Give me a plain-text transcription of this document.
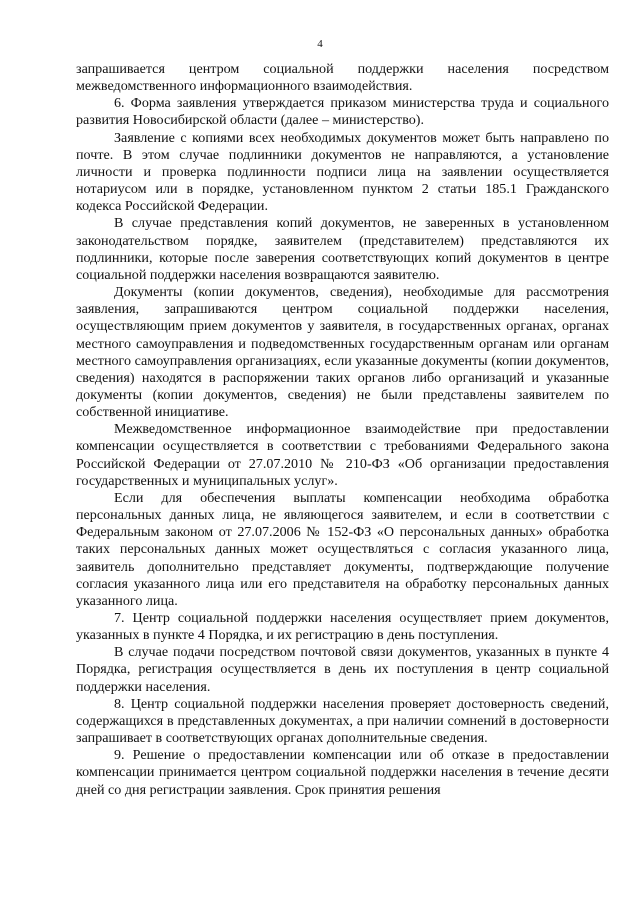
4

запрашивается центром социальной поддержки населения посредством межведомственного информационного взаимодействия.

6. Форма заявления утверждается приказом министерства труда и социального развития Новосибирской области (далее – министерство).

Заявление с копиями всех необходимых документов может быть направлено по почте. В этом случае подлинники документов не направляются, а установление личности и проверка подлинности подписи лица на заявлении осуществляется нотариусом или в порядке, установленном пунктом 2 статьи 185.1 Гражданского кодекса Российской Федерации.

В случае представления копий документов, не заверенных в установленном законодательством порядке, заявителем (представителем) представляются их подлинники, которые после заверения соответствующих копий документов в центре социальной поддержки населения возвращаются заявителю.

Документы (копии документов, сведения), необходимые для рассмотрения заявления, запрашиваются центром социальной поддержки населения, осуществляющим прием документов у заявителя, в государственных органах, органах местного самоуправления и подведомственных государственным органам или органам местного самоуправления организациях, если указанные документы (копии документов, сведения) находятся в распоряжении таких органов либо организаций и указанные документы (копии документов, сведения) не были представлены заявителем по собственной инициативе.

Межведомственное информационное взаимодействие при предоставлении компенсации осуществляется в соответствии с требованиями Федерального закона Российской Федерации от 27.07.2010 № 210-ФЗ «Об организации предоставления государственных и муниципальных услуг».

Если для обеспечения выплаты компенсации необходима обработка персональных данных лица, не являющегося заявителем, и если в соответствии с Федеральным законом от 27.07.2006 № 152-ФЗ «О персональных данных» обработка таких персональных данных может осуществляться с согласия указанного лица, заявитель дополнительно представляет документы, подтверждающие получение согласия указанного лица или его представителя на обработку персональных данных указанного лица.

7. Центр социальной поддержки населения осуществляет прием документов, указанных в пункте 4 Порядка, и их регистрацию в день поступления.

В случае подачи посредством почтовой связи документов, указанных в пункте 4 Порядка, регистрация осуществляется в день их поступления в центр социальной поддержки населения.

8. Центр социальной поддержки населения проверяет достоверность сведений, содержащихся в представленных документах, а при наличии сомнений в достоверности запрашивает в соответствующих органах дополнительные сведения.

9. Решение о предоставлении компенсации или об отказе в предоставлении компенсации принимается центром социальной поддержки населения в течение десяти дней со дня регистрации заявления. Срок принятия решения
